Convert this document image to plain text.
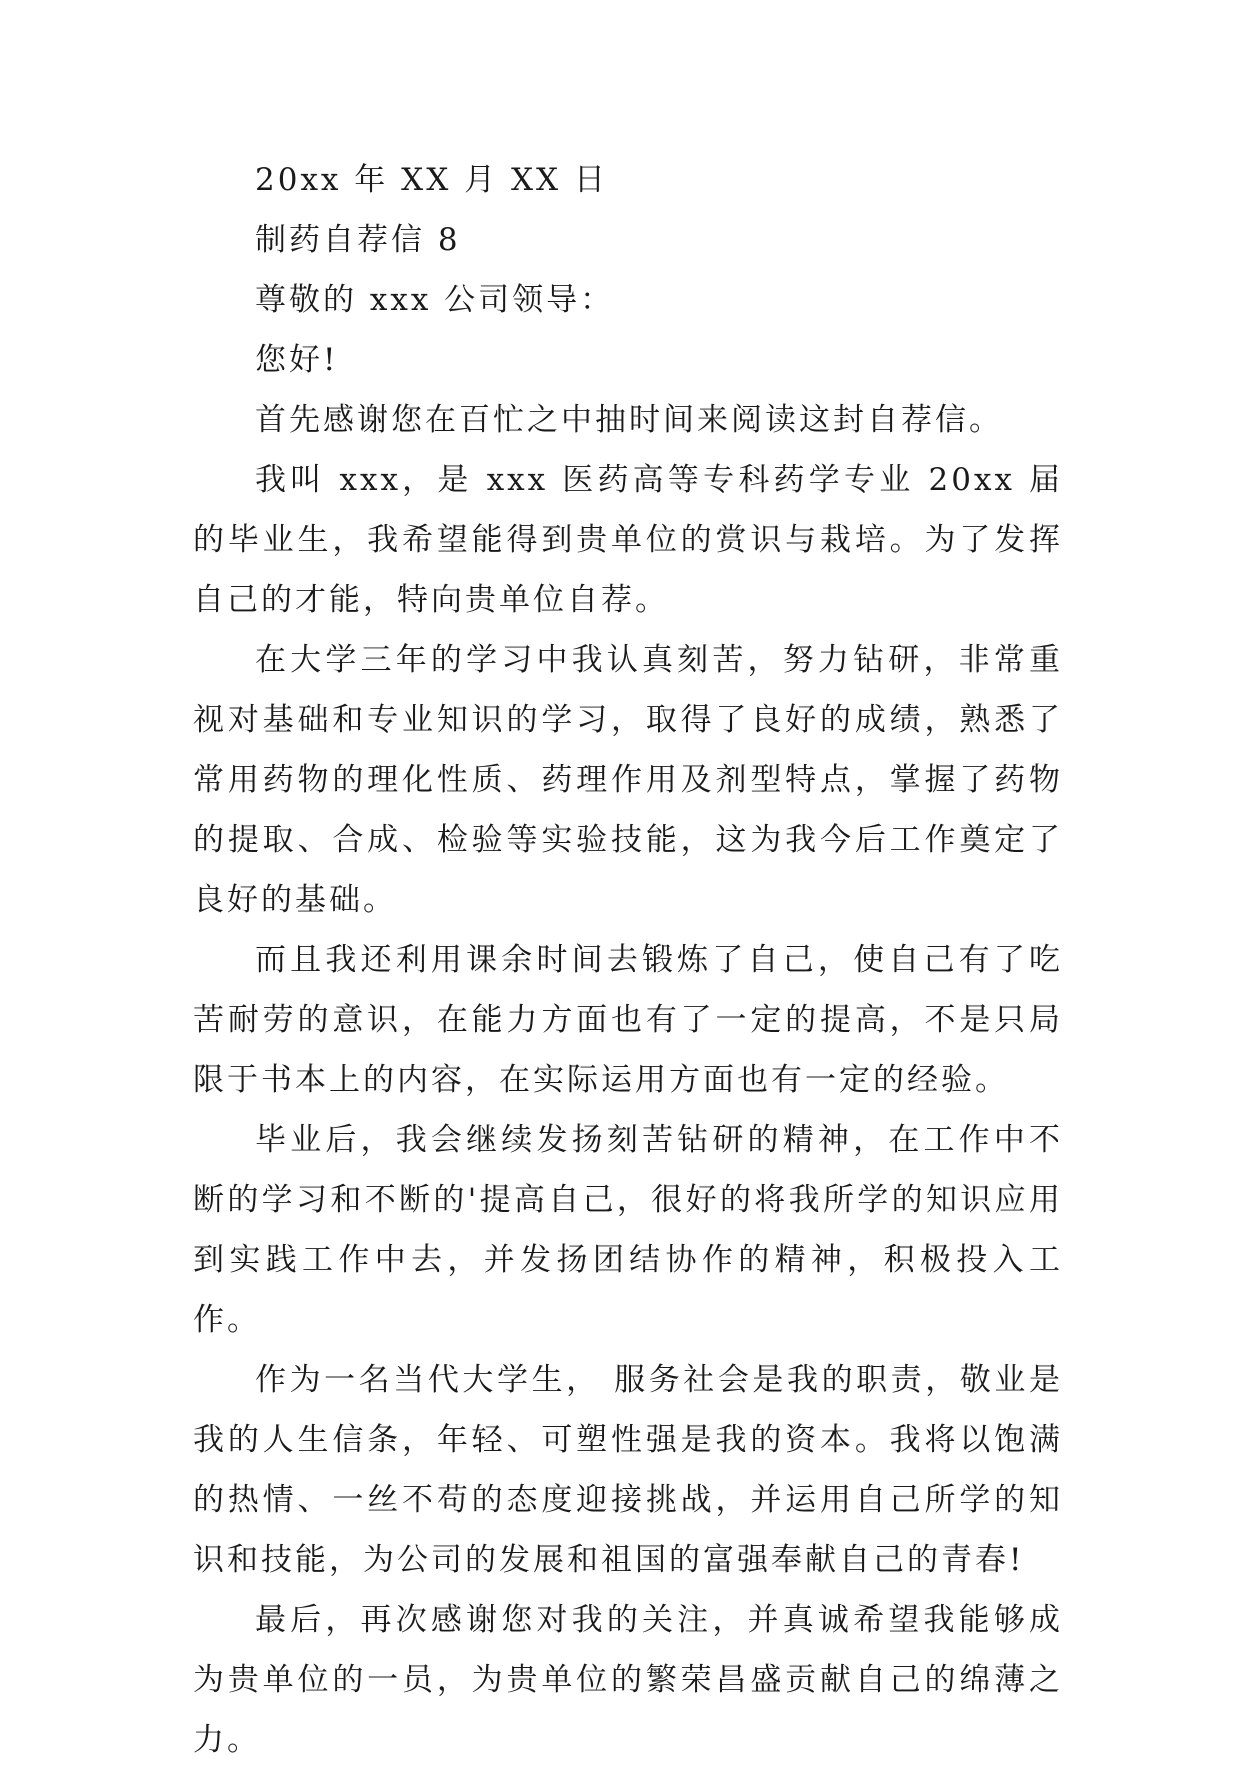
20xx 年 XX 月 XX 日

制药自荐信 8

尊敬的 xxx 公司领导：

您好!

首先感谢您在百忙之中抽时间来阅读这封自荐信。

我叫 xxx，是 xxx 医药高等专科药学专业 20xx 届的毕业生，我希望能得到贵单位的赏识与栽培。为了发挥自己的才能，特向贵单位自荐。

在大学三年的学习中我认真刻苦，努力钻研，非常重视对基础和专业知识的学习，取得了良好的成绩，熟悉了常用药物的理化性质、药理作用及剂型特点，掌握了药物的提取、合成、检验等实验技能，这为我今后工作奠定了良好的基础。

而且我还利用课余时间去锻炼了自己，使自己有了吃苦耐劳的意识，在能力方面也有了一定的提高，不是只局限于书本上的内容，在实际运用方面也有一定的经验。

毕业后，我会继续发扬刻苦钻研的精神，在工作中不断的学习和不断的'提高自己，很好的将我所学的知识应用到实践工作中去，并发扬团结协作的精神，积极投入工作。

作为一名当代大学生， 服务社会是我的职责，敬业是我的人生信条，年轻、可塑性强是我的资本。我将以饱满的热情、一丝不苟的态度迎接挑战，并运用自己所学的知识和技能，为公司的发展和祖国的富强奉献自己的青春!

最后，再次感谢您对我的关注，并真诚希望我能够成为贵单位的一员，为贵单位的繁荣昌盛贡献自己的绵薄之力。
